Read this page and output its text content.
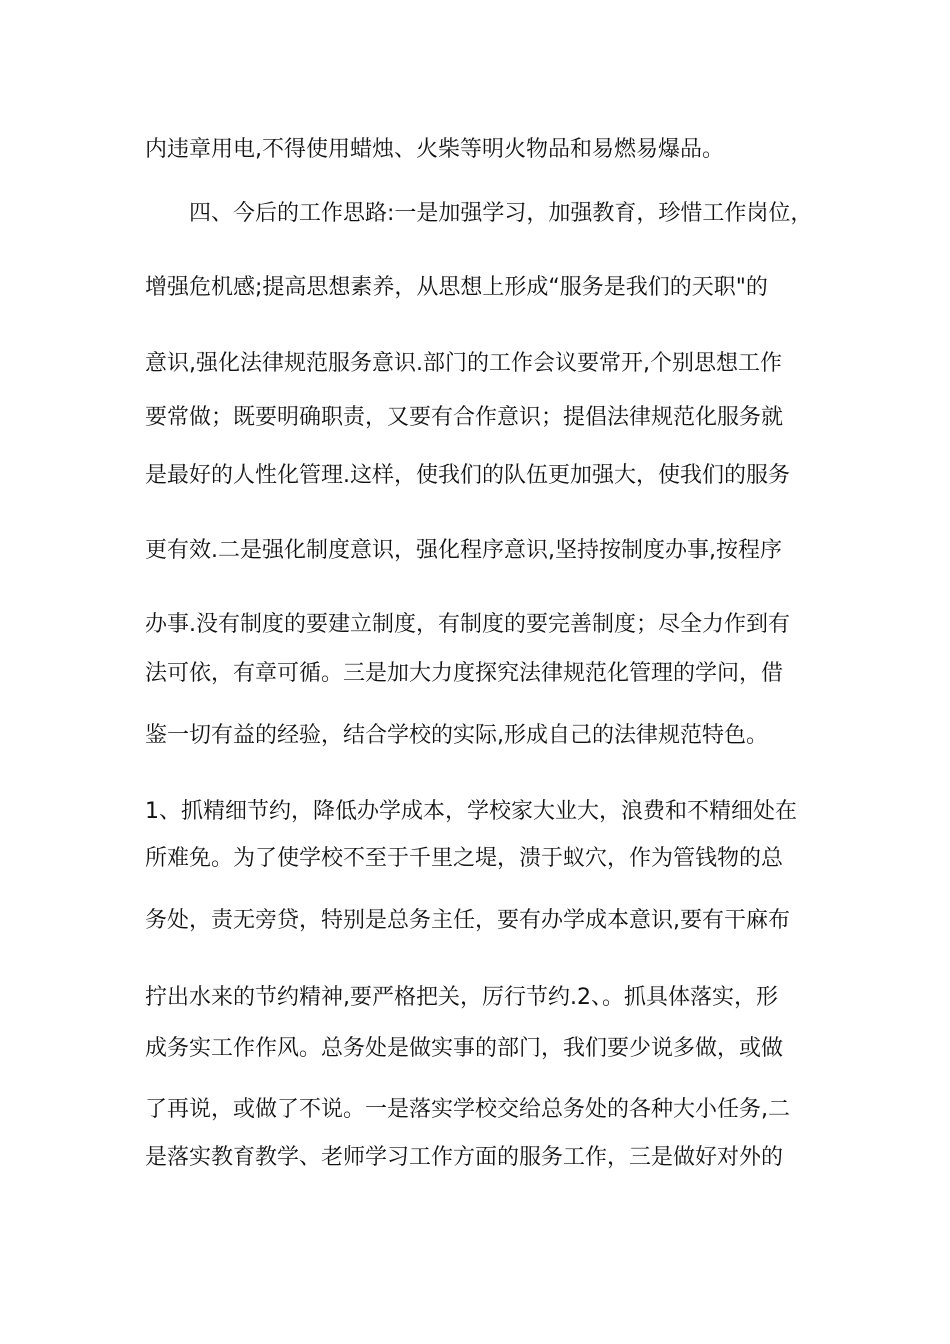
内违章用电,不得使用蜡烛、火柴等明火物品和易燃易爆品。
　　四、今后的工作思路:一是加强学习，加强教育，珍惜工作岗位，
增强危机感;提高思想素养，从思想上形成“服务是我们的天职"的
意识,强化法律规范服务意识.部门的工作会议要常开,个别思想工作
要常做；既要明确职责，又要有合作意识；提倡法律规范化服务就
是最好的人性化管理.这样，使我们的队伍更加强大，使我们的服务
更有效.二是强化制度意识，强化程序意识,坚持按制度办事,按程序
办事.没有制度的要建立制度，有制度的要完善制度；尽全力作到有
法可依，有章可循。三是加大力度探究法律规范化管理的学问，借
鉴一切有益的经验，结合学校的实际,形成自己的法律规范特色。
1、抓精细节约，降低办学成本，学校家大业大，浪费和不精细处在
所难免。为了使学校不至于千里之堤，溃于蚁穴，作为管钱物的总
务处，责无旁贷，特别是总务主任，要有办学成本意识,要有干麻布
拧出水来的节约精神,要严格把关，厉行节约.2、。抓具体落实，形
成务实工作作风。总务处是做实事的部门，我们要少说多做，或做
了再说，或做了不说。一是落实学校交给总务处的各种大小任务,二
是落实教育教学、老师学习工作方面的服务工作，三是做好对外的
